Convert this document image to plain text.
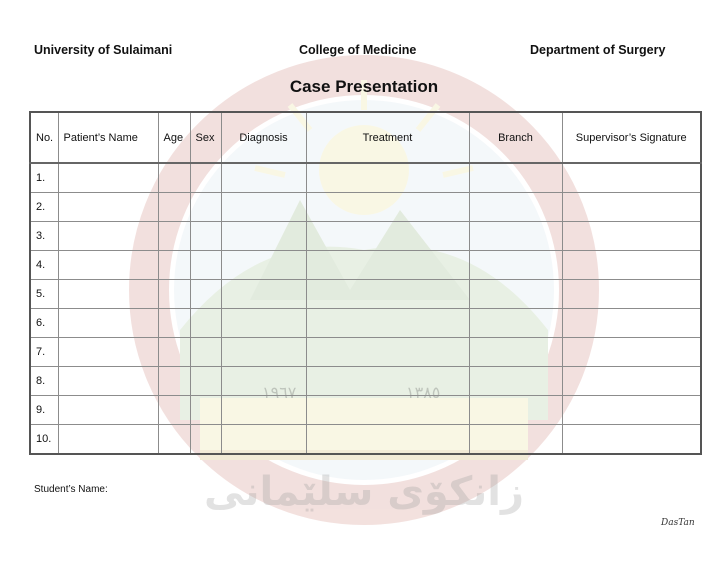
١٩٦٧	١٣٨٥
زانكۆی سلێمانی
University of Sulaimani	College of Medicine	Department of Surgery
Case Presentation
No.	Patient’s Name	Age	Sex	Diagnosis	Treatment	Branch	Supervisor’s Signature
1.							
2.							
3.							
4.							
5.							
6.							
7.							
8.							
9.							
10.							
Student’s Name:
DasTan
